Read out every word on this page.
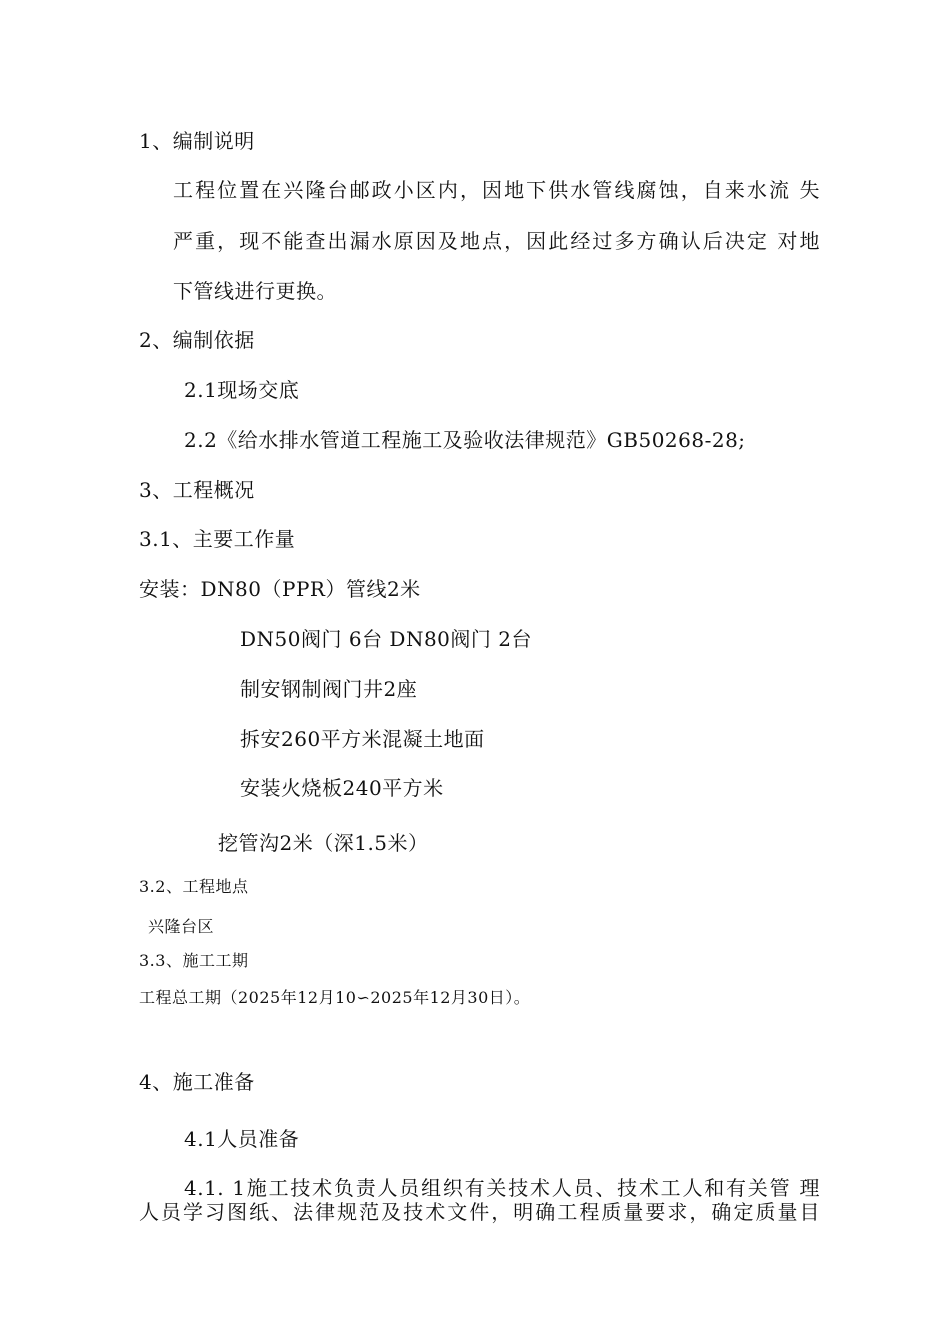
1、编制说明
工程位置在兴隆台邮政小区内，因地下供水管线腐蚀，自来水流 失
严重，现不能查出漏水原因及地点，因此经过多方确认后决定 对地
下管线进行更换。
2、编制依据
2.1现场交底
2.2《给水排水管道工程施工及验收法律规范》GB50268-28;
3、工程概况
3.1、主要工作量
安装：DN80（PPR）管线2米
DN50阀门 6台 DN80阀门 2台
制安钢制阀门井2座
拆安260平方米混凝土地面
安装火烧板240平方米
挖管沟2米（深1.5米）
3.2、工程地点
兴隆台区
3.3、施工工期
工程总工期（2025年12月10∽2025年12月30日）。
4、施工准备
4.1人员准备
4.1. 1施工技术负责人员组织有关技术人员、技术工人和有关管 理
人员学习图纸、法律规范及技术文件，明确工程质量要求，确定质量目
